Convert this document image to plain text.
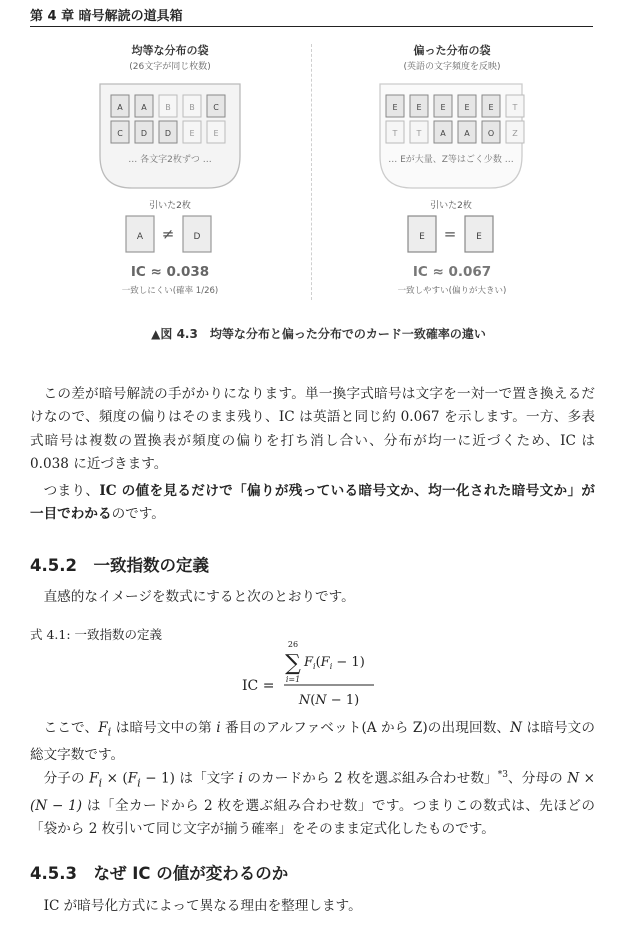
第 4 章 暗号解読の道具箱
均等な分布の袋
(26文字が同じ枚数)
A A B B C
C D D E E
… 各文字2枚ずつ …
引いた2枚
A ≠ D
IC ≈ 0.038
一致しにくい(確率 1/26)
偏った分布の袋
(英語の文字頻度を反映)
E E E E E T
T T A A O Z
… Eが大量、Z等はごく少数 …
引いた2枚
E = E
IC ≈ 0.067
一致しやすい(偏りが大きい)
▲図 4.3　均等な分布と偏った分布でのカード一致確率の違い
この差が暗号解読の手がかりになります。単一換字式暗号は文字を一対一で置き換えるだけなので、頻度の偏りはそのまま残り、IC は英語と同じ約 0.067 を示します。一方、多表式暗号は複数の置換表が頻度の偏りを打ち消し合い、分布が均一に近づくため、IC は 0.038 に近づきます。
つまり、IC の値を見るだけで「偏りが残っている暗号文か、均一化された暗号文か」が一目でわかるのです。
4.5.2　一致指数の定義
直感的なイメージを数式にすると次のとおりです。
式 4.1: 一致指数の定義
IC =
26
∑
i=1
$F_i(F_i - 1)$
N(N − 1)
ここで、$F_i$ は暗号文中の第 i 番目のアルファベット(A から Z)の出現回数、N は暗号文の総文字数です。
分子の $F_i \times (F_i - 1)$ は「文字 i のカードから 2 枚を選ぶ組み合わせ数」$^{*3}$、分母の N × (N − 1) は「全カードから 2 枚を選ぶ組み合わせ数」です。つまりこの数式は、先ほどの「袋から 2 枚引いて同じ文字が揃う確率」をそのまま定式化したものです。
4.5.3　なぜ IC の値が変わるのか
IC が暗号化方式によって異なる理由を整理します。
